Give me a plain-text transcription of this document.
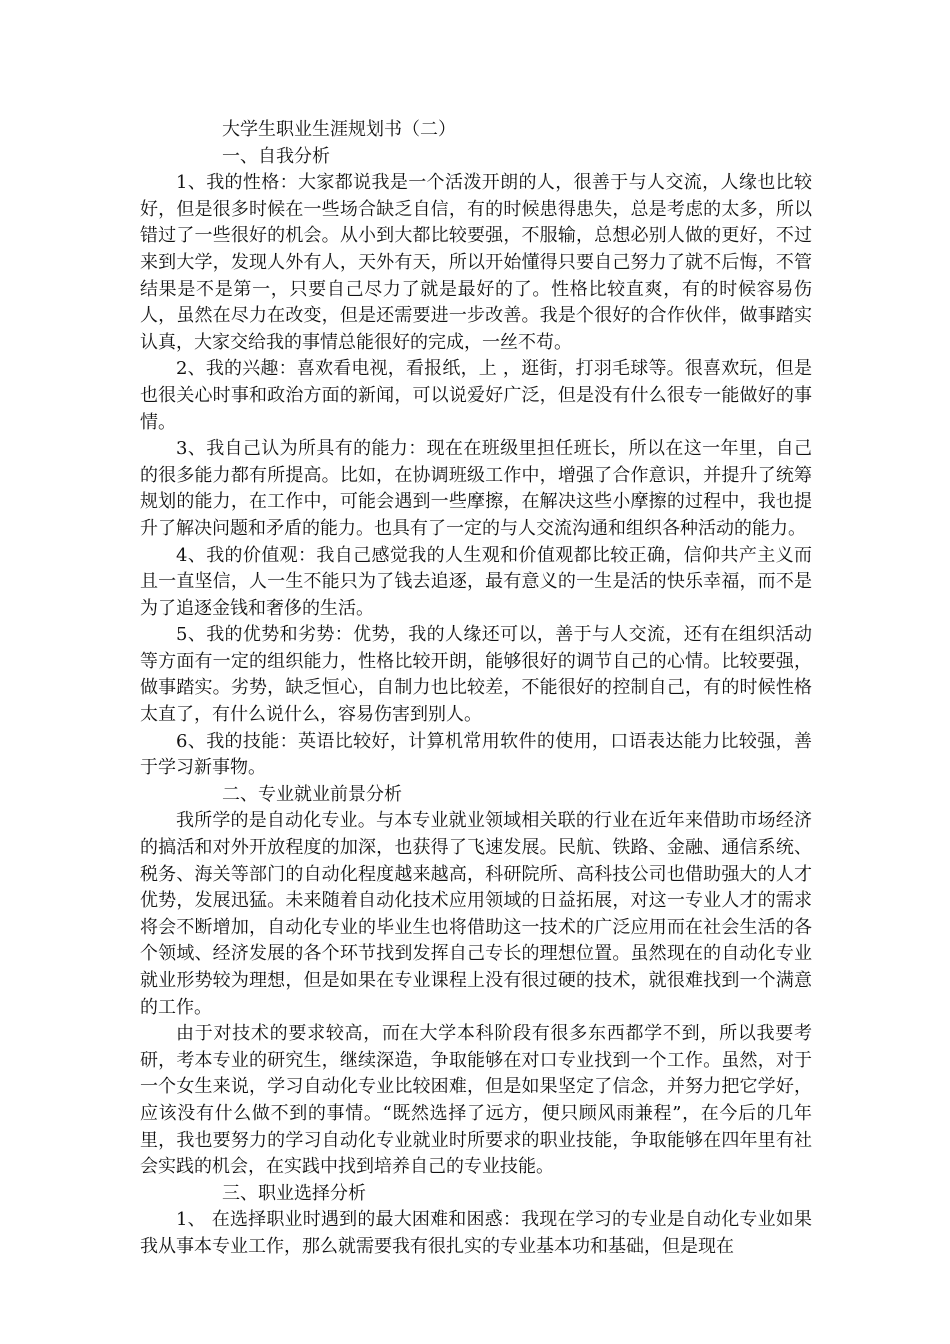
大学生职业生涯规划书（二）
一、自我分析

1、我的性格：大家都说我是一个活泼开朗的人，很善于与人交流，人缘也比较好，但是很多时候在一些场合缺乏自信，有的时候患得患失，总是考虑的太多，所以错过了一些很好的机会。从小到大都比较要强，不服输，总想必别人做的更好，不过来到大学，发现人外有人，天外有天，所以开始懂得只要自己努力了就不后悔，不管结果是不是第一，只要自己尽力了就是最好的了。性格比较直爽，有的时候容易伤人，虽然在尽力在改变，但是还需要进一步改善。我是个很好的合作伙伴，做事踏实认真，大家交给我的事情总能很好的完成，一丝不苟。

2、我的兴趣：喜欢看电视，看报纸，上 ，逛街，打羽毛球等。很喜欢玩，但是也很关心时事和政治方面的新闻，可以说爱好广泛，但是没有什么很专一能做好的事情。

3、我自己认为所具有的能力：现在在班级里担任班长，所以在这一年里，自己的很多能力都有所提高。比如，在协调班级工作中，增强了合作意识，并提升了统筹规划的能力，在工作中，可能会遇到一些摩擦，在解决这些小摩擦的过程中，我也提升了解决问题和矛盾的能力。也具有了一定的与人交流沟通和组织各种活动的能力。

4、我的价值观：我自己感觉我的人生观和价值观都比较正确，信仰共产主义而且一直坚信，人一生不能只为了钱去追逐，最有意义的一生是活的快乐幸福，而不是为了追逐金钱和奢侈的生活。

5、我的优势和劣势：优势，我的人缘还可以，善于与人交流，还有在组织活动等方面有一定的组织能力，性格比较开朗，能够很好的调节自己的心情。比较要强，做事踏实。劣势，缺乏恒心，自制力也比较差，不能很好的控制自己，有的时候性格太直了，有什么说什么，容易伤害到别人。

6、我的技能：英语比较好，计算机常用软件的使用，口语表达能力比较强，善于学习新事物。

二、专业就业前景分析

我所学的是自动化专业。与本专业就业领域相关联的行业在近年来借助市场经济的搞活和对外开放程度的加深，也获得了飞速发展。民航、铁路、金融、通信系统、税务、海关等部门的自动化程度越来越高，科研院所、高科技公司也借助强大的人才优势，发展迅猛。未来随着自动化技术应用领域的日益拓展，对这一专业人才的需求将会不断增加，自动化专业的毕业生也将借助这一技术的广泛应用而在社会生活的各个领域、经济发展的各个环节找到发挥自己专长的理想位置。虽然现在的自动化专业就业形势较为理想，但是如果在专业课程上没有很过硬的技术，就很难找到一个满意的工作。

由于对技术的要求较高，而在大学本科阶段有很多东西都学不到，所以我要考研，考本专业的研究生，继续深造，争取能够在对口专业找到一个工作。虽然，对于一个女生来说，学习自动化专业比较困难，但是如果坚定了信念，并努力把它学好，应该没有什么做不到的事情。“既然选择了远方，便只顾风雨兼程”，在今后的几年里，我也要努力的学习自动化专业就业时所要求的职业技能，争取能够在四年里有社会实践的机会，在实践中找到培养自己的专业技能。

三、职业选择分析

1、 在选择职业时遇到的最大困难和困惑：我现在学习的专业是自动化专业如果我从事本专业工作，那么就需要我有很扎实的专业基本功和基础，但是现在
